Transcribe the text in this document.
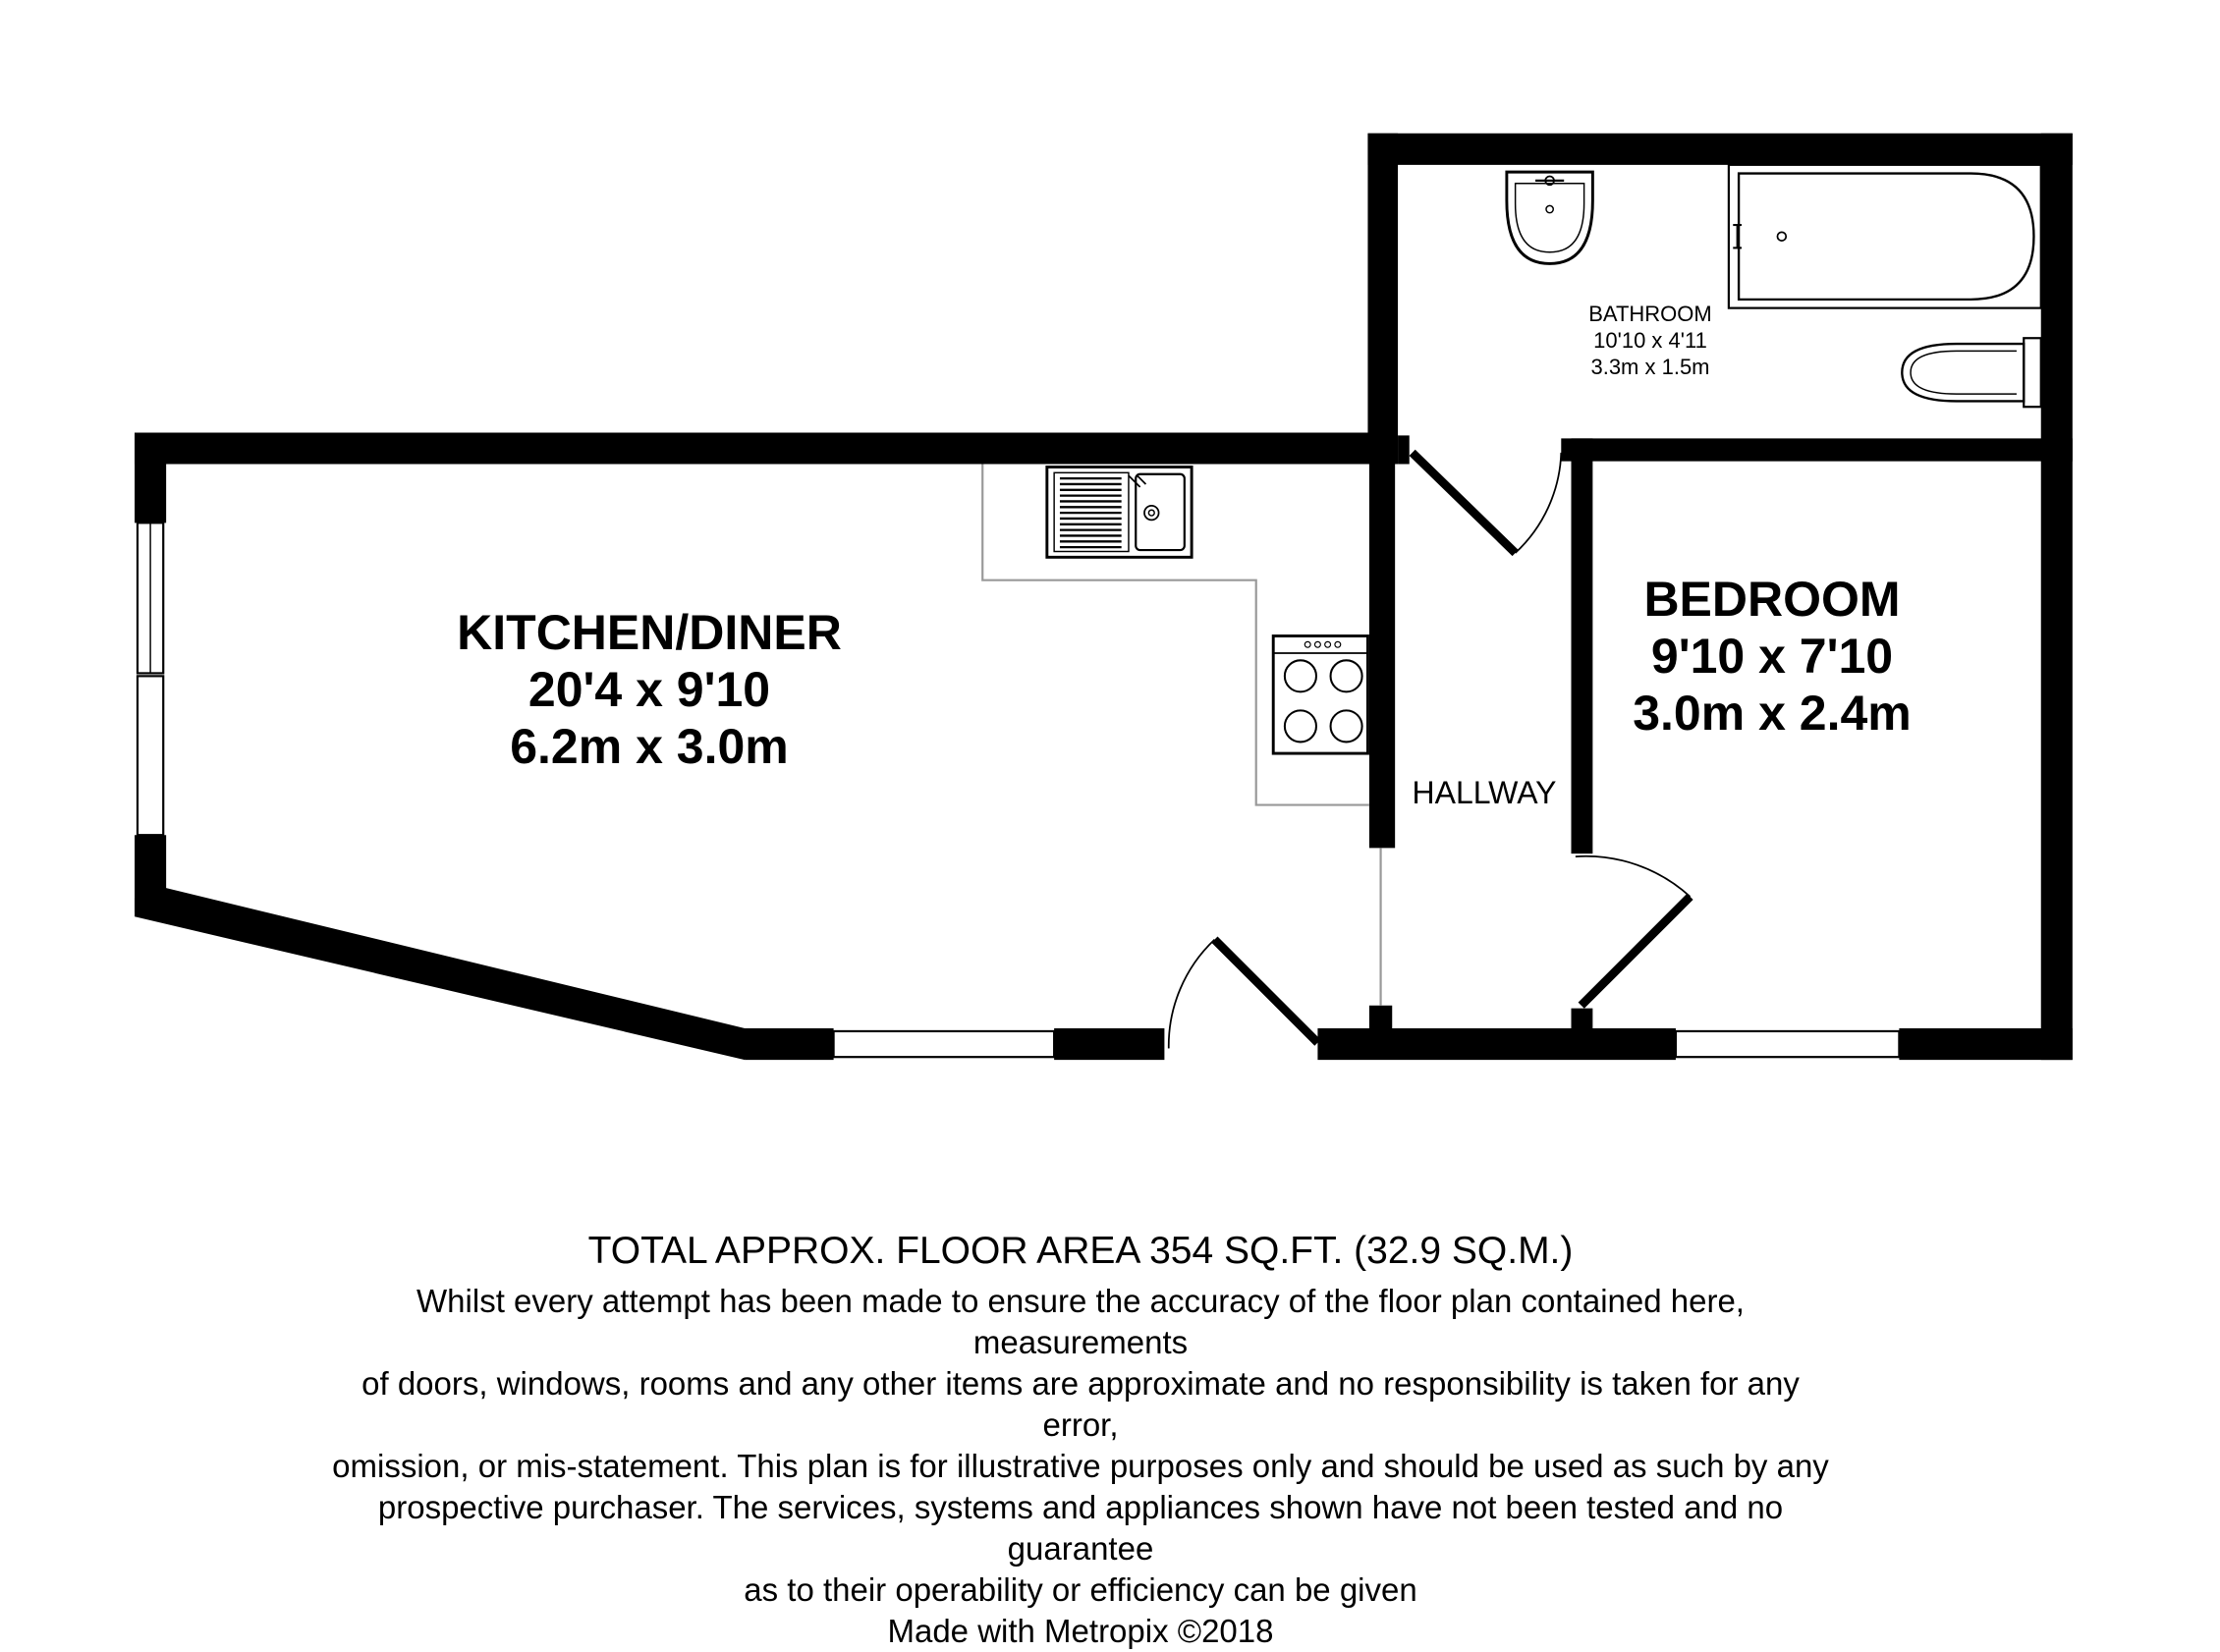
KITCHEN/DINER
20'4 x 9'10
6.2m x 3.0m
BEDROOM
9'10 x 7'10
3.0m x 2.4m
BATHROOM
10'10 x 4'11
3.3m x 1.5m
HALLWAY
TOTAL APPROX. FLOOR AREA 354 SQ.FT. (32.9 SQ.M.)
Whilst every attempt has been made to ensure the accuracy of the floor plan contained here, measurements
of doors, windows, rooms and any other items are approximate and no responsibility is taken for any error,
omission, or mis-statement. This plan is for illustrative purposes only and should be used as such by any
prospective purchaser. The services, systems and appliances shown have not been tested and no guarantee
as to their operability or efficiency can be given
Made with Metropix ©2018
